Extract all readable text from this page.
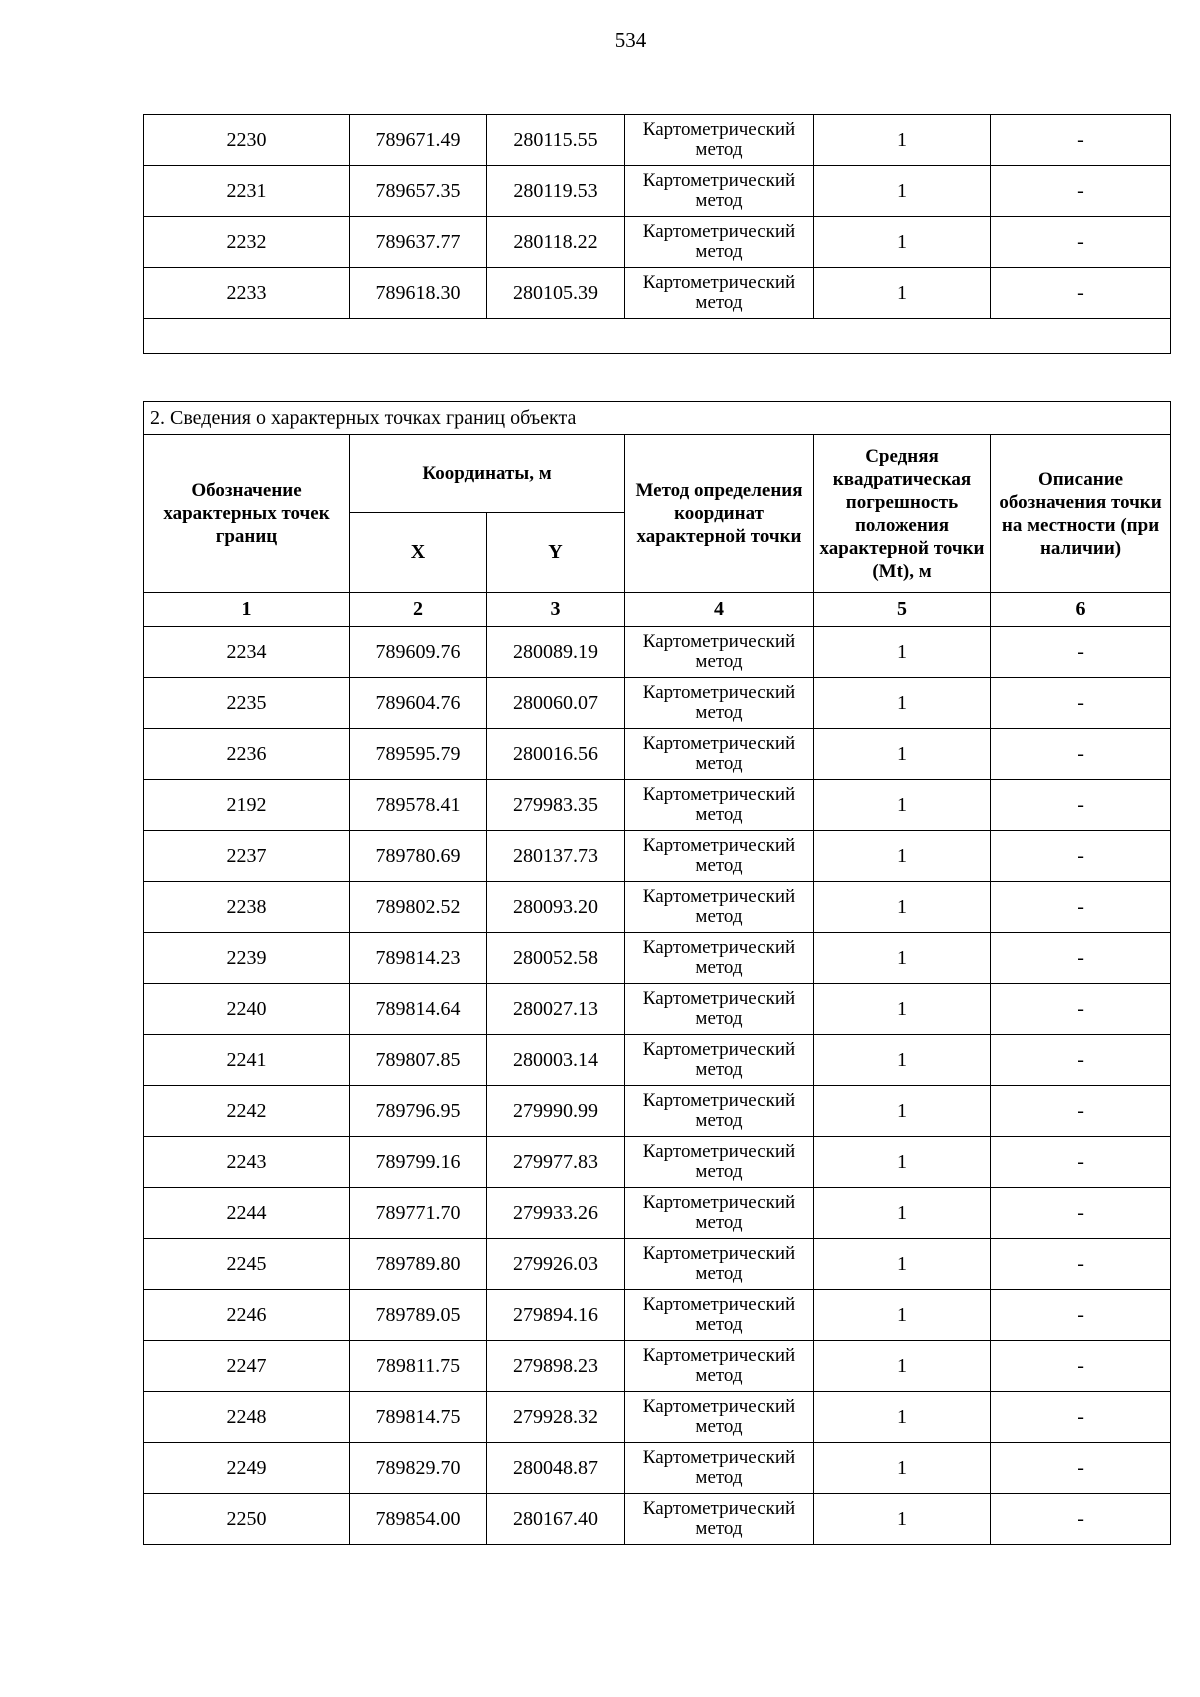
534
2230	789671.49	280115.55	Картометрический метод	1	-
2231	789657.35	280119.53	Картометрический метод	1	-
2232	789637.77	280118.22	Картометрический метод	1	-
2233	789618.30	280105.39	Картометрический метод	1	-

2. Сведения о характерных точках границ объекта					
Обозначение характерных точек границ	Координаты, м		Метод определения координат характерной точки	Средняя квадратическая погрешность положения характерной точки (Mt), м	Описание обозначения точки на местности (при наличии)
	X	Y			
1	2	3	4	5	6
2234	789609.76	280089.19	Картометрический метод	1	-
2235	789604.76	280060.07	Картометрический метод	1	-
2236	789595.79	280016.56	Картометрический метод	1	-
2192	789578.41	279983.35	Картометрический метод	1	-
2237	789780.69	280137.73	Картометрический метод	1	-
2238	789802.52	280093.20	Картометрический метод	1	-
2239	789814.23	280052.58	Картометрический метод	1	-
2240	789814.64	280027.13	Картометрический метод	1	-
2241	789807.85	280003.14	Картометрический метод	1	-
2242	789796.95	279990.99	Картометрический метод	1	-
2243	789799.16	279977.83	Картометрический метод	1	-
2244	789771.70	279933.26	Картометрический метод	1	-
2245	789789.80	279926.03	Картометрический метод	1	-
2246	789789.05	279894.16	Картометрический метод	1	-
2247	789811.75	279898.23	Картометрический метод	1	-
2248	789814.75	279928.32	Картометрический метод	1	-
2249	789829.70	280048.87	Картометрический метод	1	-
2250	789854.00	280167.40	Картометрический метод	1	-
